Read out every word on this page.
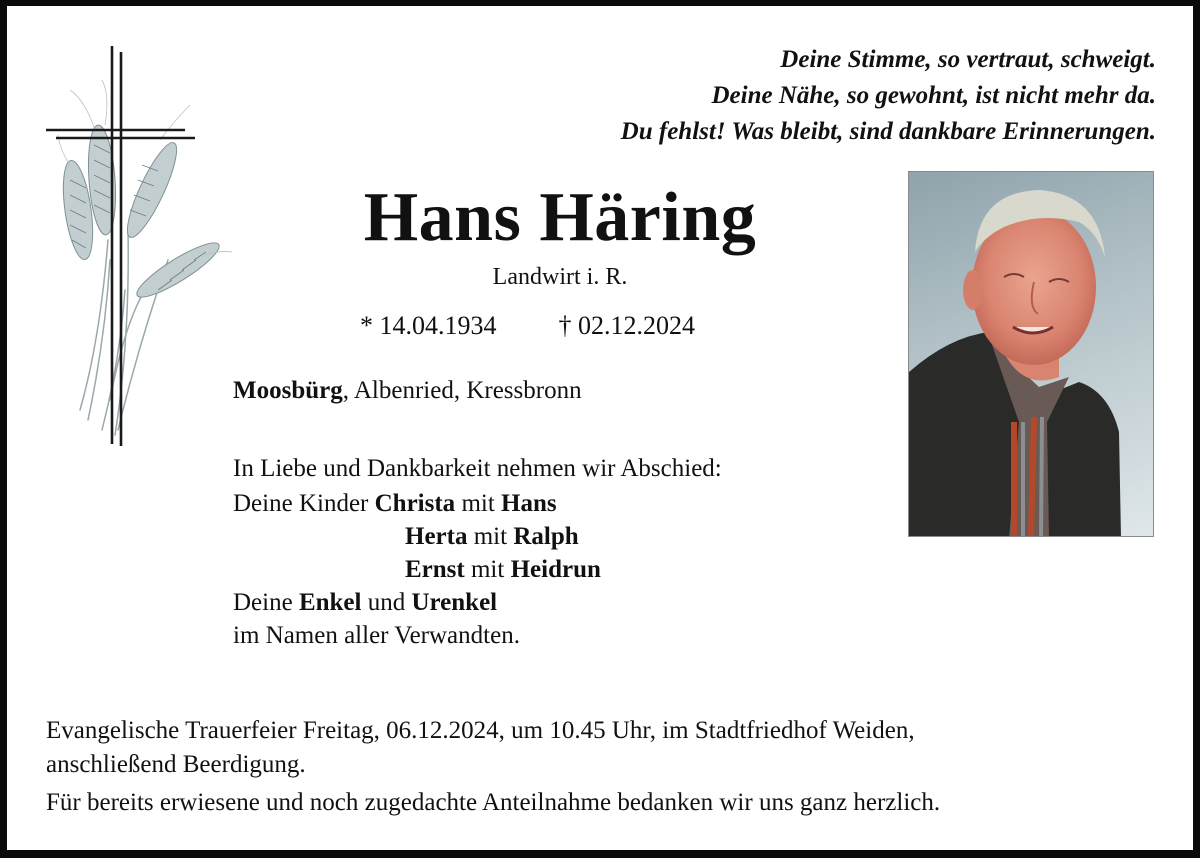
Deine Stimme, so vertraut, schweigt.
Deine Nähe, so gewohnt, ist nicht mehr da.
Du fehlst! Was bleibt, sind dankbare Erinnerungen.
Hans Häring
Landwirt i. R.
* 14.04.1934 † 02.12.2024
Moosbürg, Albenried, Kressbronn
In Liebe und Dankbarkeit nehmen wir Abschied:
Deine Kinder Christa mit Hans
Herta mit Ralph
Ernst mit Heidrun
Deine Enkel und Urenkel
im Namen aller Verwandten.
Evangelische Trauerfeier Freitag, 06.12.2024, um 10.45 Uhr, im Stadtfriedhof Weiden,
anschließend Beerdigung.
Für bereits erwiesene und noch zugedachte Anteilnahme bedanken wir uns ganz herzlich.
